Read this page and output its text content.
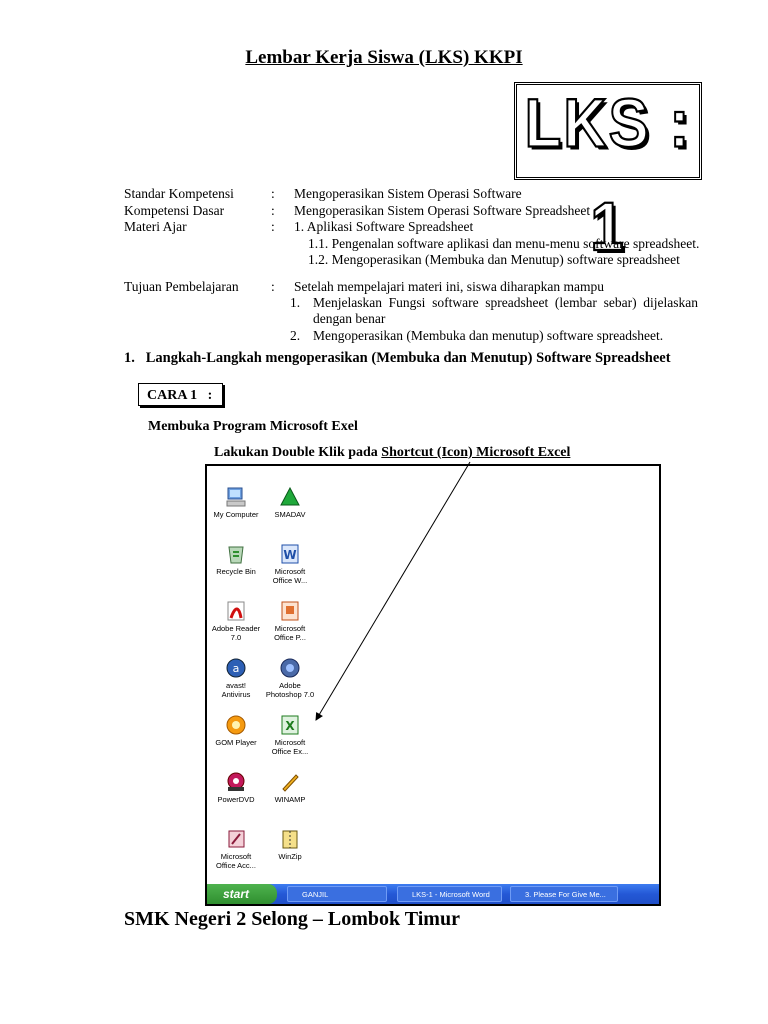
Lembar Kerja Siswa (LKS) KKPI
LKS : 1
Standar Kompetensi	: Mengoperasikan Sistem Operasi Software
Kompetensi Dasar	: Mengoperasikan Sistem Operasi Software Spreadsheet
Materi Ajar	: 1. Aplikasi Software Spreadsheet
1.1. Pengenalan software aplikasi dan menu-menu software spreadsheet.
1.2. Mengoperasikan (Membuka dan Menutup) software spreadsheet
Tujuan Pembelajaran : Setelah mempelajari materi ini, siswa diharapkan mampu
1. Menjelaskan Fungsi software spreadsheet (lembar sebar) dijelaskan dengan benar
2. Mengoperasikan (Membuka dan menutup) software spreadsheet.
1.   Langkah-Langkah mengoperasikan (Membuka dan Menutup) Software Spreadsheet
CARA 1   :
Membuka Program Microsoft Exel
Lakukan Double Klik pada Shortcut (Icon) Microsoft Excel
My Computer
Recycle Bin
Adobe Reader
7.0
a
avast!
Antivirus
GOM Player
PowerDVD
Microsoft
Office Acc...
SMADAV
W
Microsoft
Office W...
Microsoft
Office P...
Adobe
Photoshop 7.0
X
Microsoft
Office Ex...
WINAMP
WinZip
start	GANJIL	LKS-1 - Microsoft Word	3. Please For Give Me...
SMK Negeri 2 Selong – Lombok Timur
